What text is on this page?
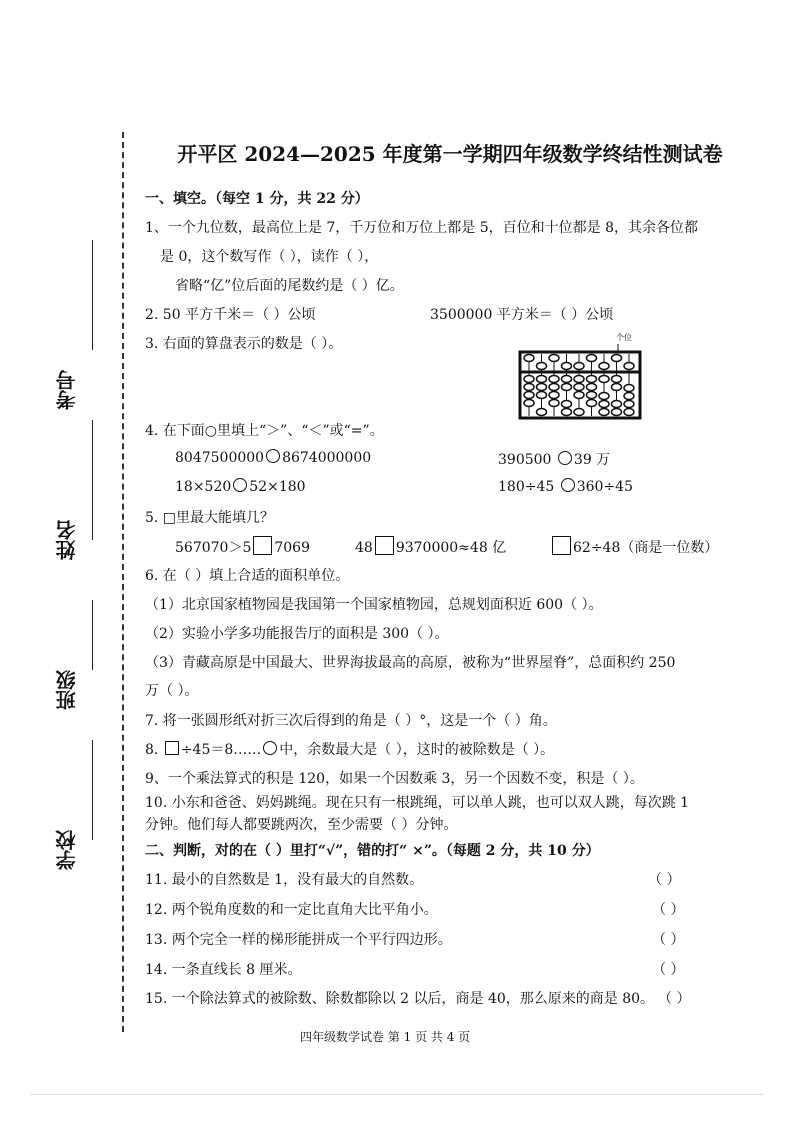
考号
姓名
班级
学校
开平区 2024—2025 年度第一学期四年级数学终结性测试卷
一、填空。（每空 1 分，共 22 分）
1、一个九位数，最高位上是 7，千万位和万位上都是 5，百位和十位都是 8，其余各位都
是 0，这个数写作（ ），读作（ ），
省略“亿”位后面的尾数约是（ ）亿。
2. 50 平方千米＝（ ）公顷	3500000 平方米＝（ ）公顷
3. 右面的算盘表示的数是（ ）。	个位
4. 在下面○里填上“＞”、“＜”或“=”。
8047500000 8674000000	390500 39 万
18×520 52×180	180÷45 360÷45
5. □里最大能填几？
567070＞5 7069	48 9370000≈48 亿	62÷48（商是一位数）
6. 在（ ）填上合适的面积单位。
（1）北京国家植物园是我国第一个国家植物园，总规划面积近 600（ ）。
（2）实验小学多功能报告厅的面积是 300（ ）。
（3）青藏高原是中国最大、世界海拔最高的高原，被称为“世界屋脊”，总面积约 250
万（ ）。
7. 将一张圆形纸对折三次后得到的角是（ ）°，这是一个（ ）角。
8. ÷45＝8…… 中，余数最大是（ ），这时的被除数是（ ）。
9、一个乘法算式的积是 120，如果一个因数乘 3，另一个因数不变，积是（ ）。
10. 小东和爸爸、妈妈跳绳。现在只有一根跳绳，可以单人跳，也可以双人跳，每次跳 1
分钟。他们每人都要跳两次，至少需要（ ）分钟。
二、判断，对的在（ ）里打“√”，错的打“ ×”。（每题 2 分，共 10 分）
11. 最小的自然数是 1，没有最大的自然数。	（ ）
12. 两个锐角度数的和一定比直角大比平角小。	（ ）
13. 两个完全一样的梯形能拼成一个平行四边形。	（ ）
14. 一条直线长 8 厘米。	（ ）
15. 一个除法算式的被除数、除数都除以 2 以后，商是 40，那么原来的商是 80。 （ ）
四年级数学试卷 第 1 页 共 4 页
